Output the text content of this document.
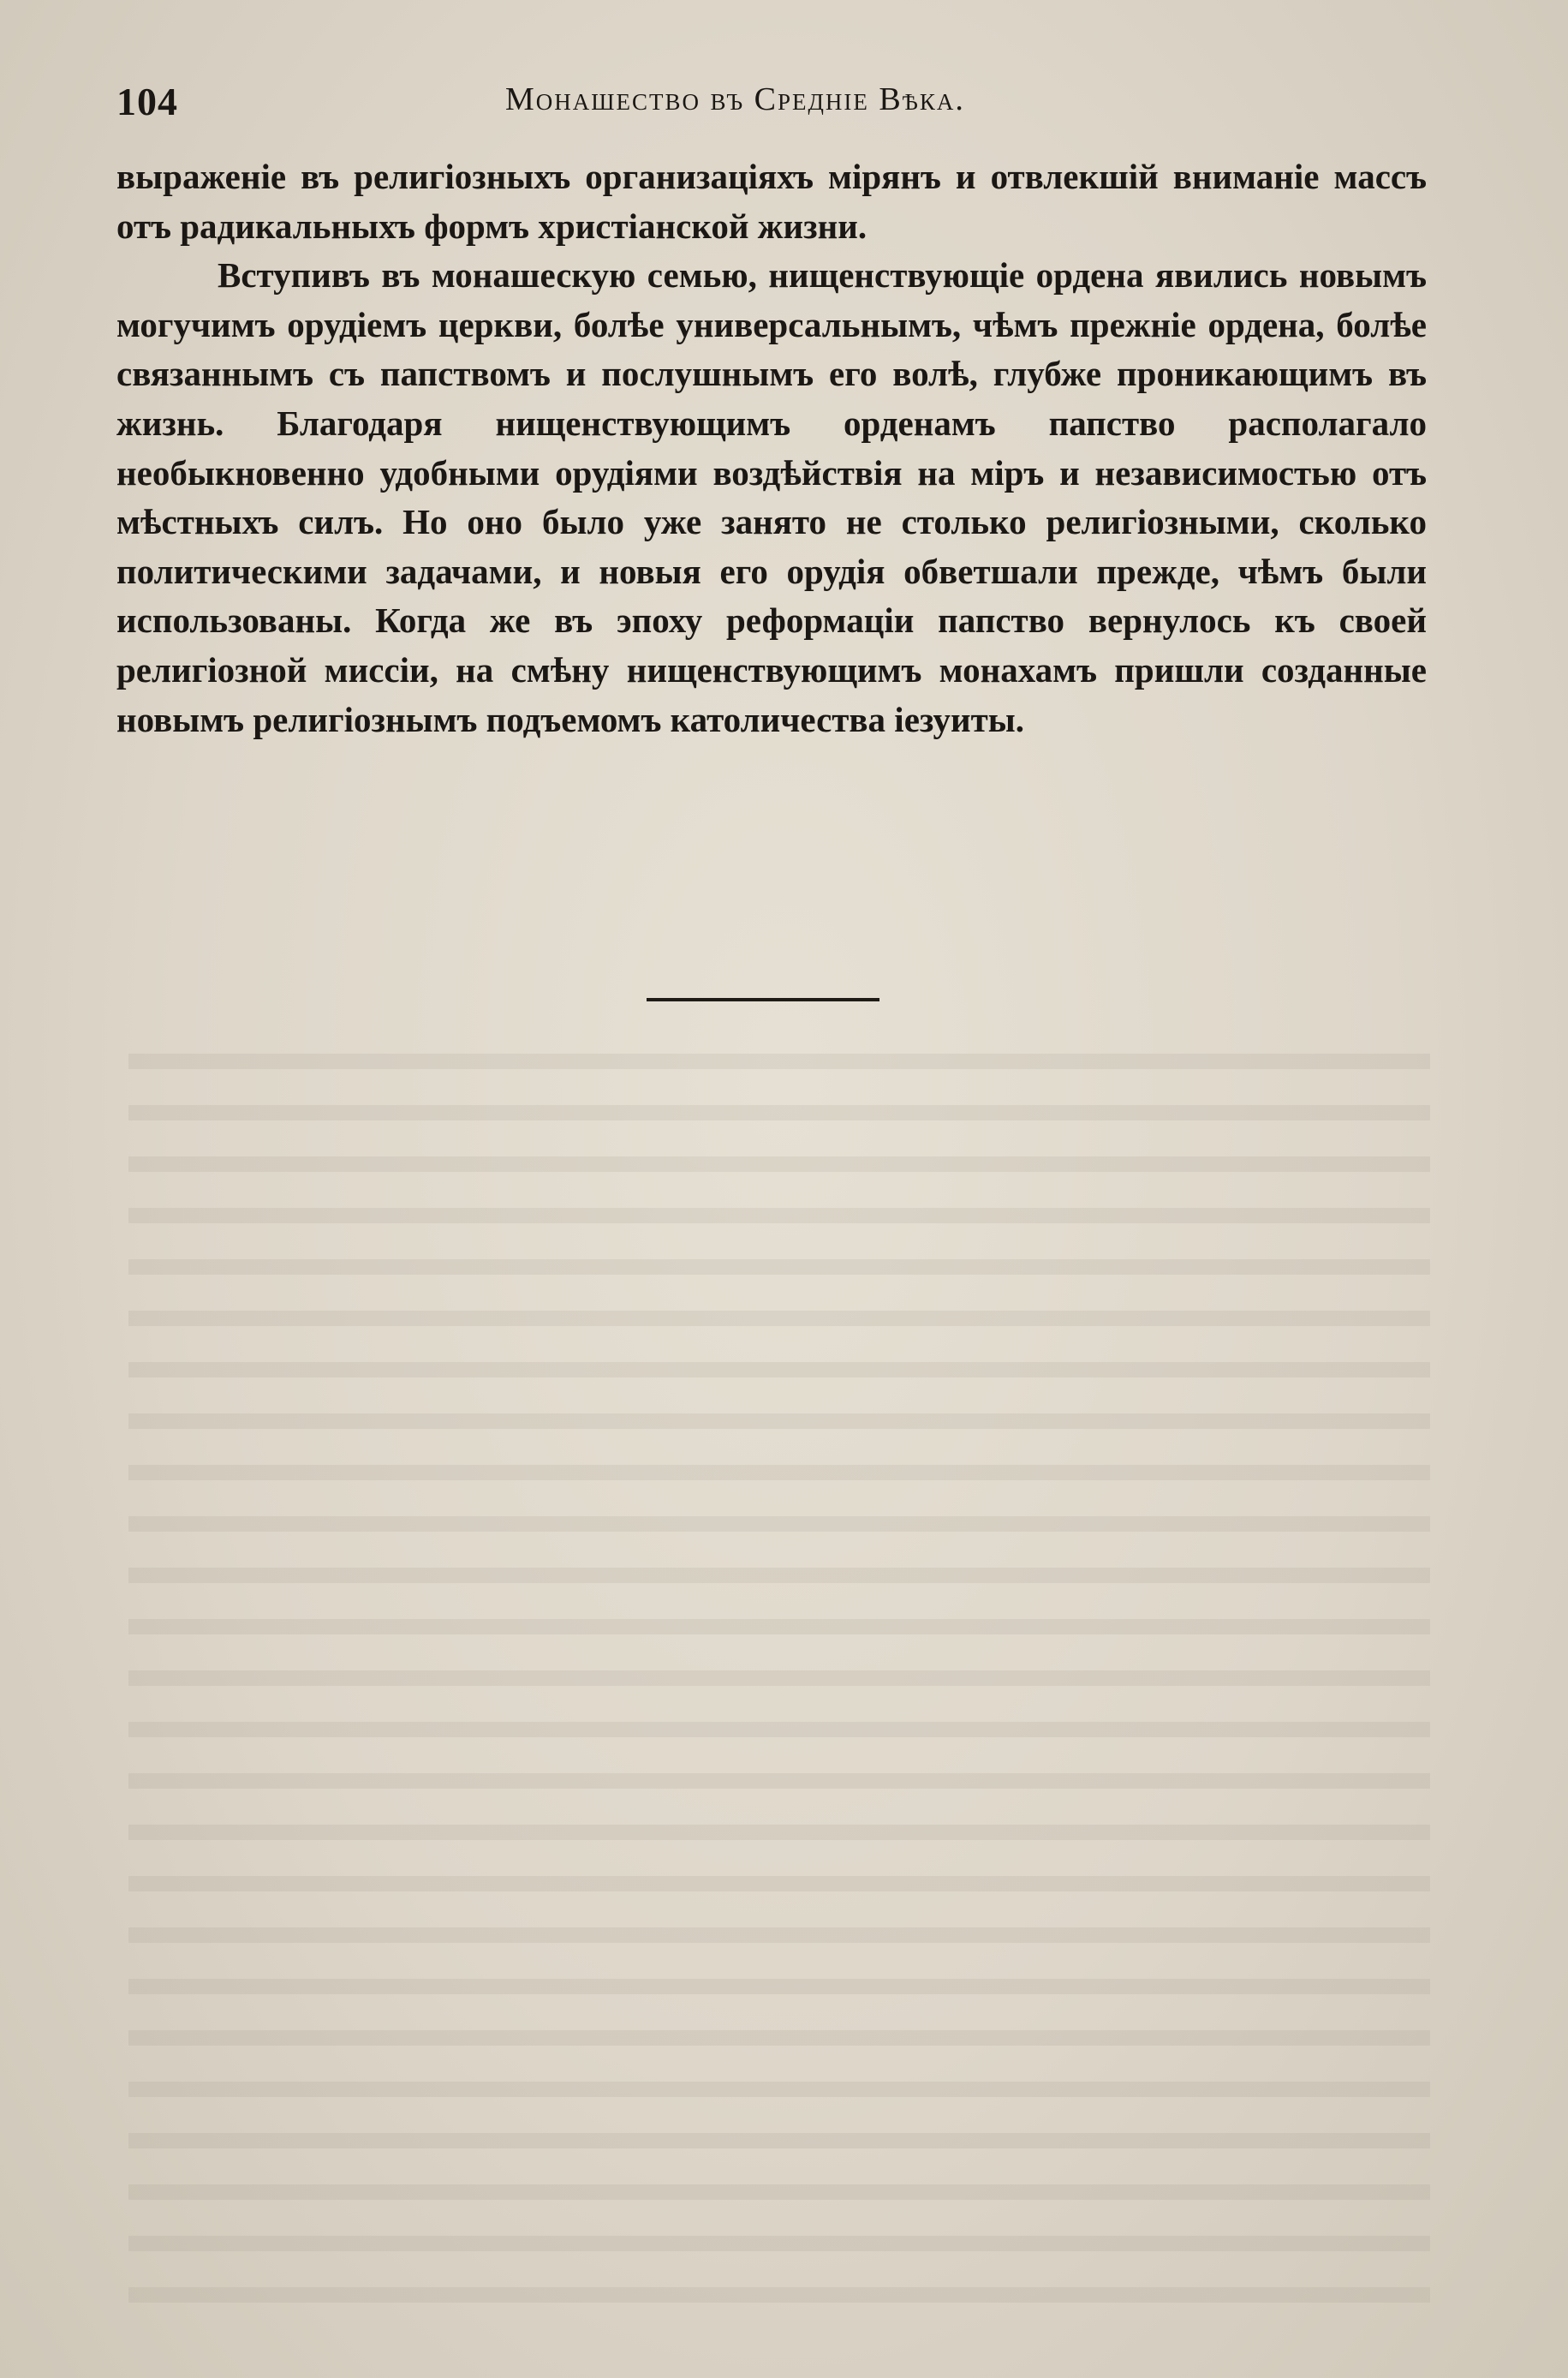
104	Монашество въ Средніе Вѣка.

выраженіе въ религіозныхъ организаціяхъ мірянъ и отвлекшій вниманіе массъ отъ радикальныхъ формъ христіанской жизни.

Вступивъ въ монашескую семью, нищенствующіе ордена явились новымъ могучимъ орудіемъ церкви, болѣе универсальнымъ, чѣмъ прежніе ордена, болѣе связаннымъ съ папствомъ и послушнымъ его волѣ, глубже проникающимъ въ жизнь. Благодаря нищенствующимъ орденамъ папство располагало необыкновенно удобными орудіями воздѣйствія на міръ и независимостью отъ мѣстныхъ силъ. Но оно было уже занято не столько религіозными, сколько политическими задачами, и новыя его орудія обветшали прежде, чѣмъ были использованы. Когда же въ эпоху реформаціи папство вернулось къ своей религіозной миссіи, на смѣну нищенствующимъ монахамъ пришли созданные новымъ религіознымъ подъемомъ католичества іезуиты.
